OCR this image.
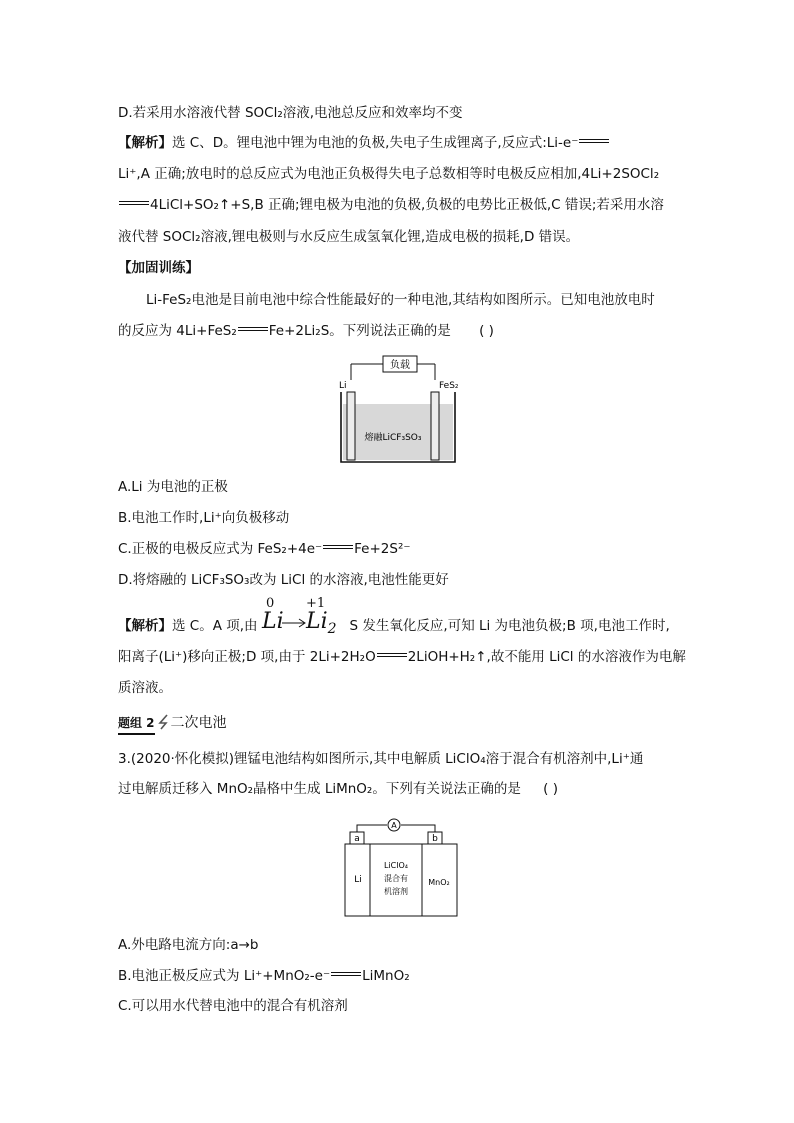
D.若采用水溶液代替 SOCl₂溶液,电池总反应和效率均不变
【解析】选 C、D。锂电池中锂为电池的负极,失电子生成锂离子,反应式:Li-e⁻
Li⁺,A 正确;放电时的总反应式为电池正负极得失电子总数相等时电极反应相加,4Li+2SOCl₂
4LiCl+SO₂↑+S,B 正确;锂电极为电池的负极,负极的电势比正极低,C 错误;若采用水溶
液代替 SOCl₂溶液,锂电极则与水反应生成氢氧化锂,造成电极的损耗,D 错误。
【加固训练】
Li-FeS₂电池是目前电池中综合性能最好的一种电池,其结构如图所示。已知电池放电时
的反应为 4Li+FeS₂ Fe+2Li₂S。下列说法正确的是 ( )
负载
Li	FeS₂
熔融LiCF₃SO₃
A.Li 为电池的正极
B.电池工作时,Li⁺向负极移动
C.正极的电极反应式为 FeS₂+4e⁻ Fe+2S²⁻
D.将熔融的 LiCF₃SO₃改为 LiCl 的水溶液,电池性能更好
0 +1
【解析】选 C。A 项,由	S 发生氧化反应,可知 Li 为电池负极;B 项,电池工作时,
Li $Li_2$
阳离子(Li⁺)移向正极;D 项,由于 2Li+2H₂O 2LiOH+H₂↑,故不能用 LiCl 的水溶液作为电解
质溶液。
题组 2 二次电池
3.(2020·怀化模拟)锂锰电池结构如图所示,其中电解质 LiClO₄溶于混合有机溶剂中,Li⁺通
过电解质迁移入 MnO₂晶格中生成 LiMnO₂。下列有关说法正确的是 ( )
A
a	b
Li
LiClO₄
混合有
机溶剂
MnO₂
A.外电路电流方向:a→b
B.电池正极反应式为 Li⁺+MnO₂-e⁻ LiMnO₂
C.可以用水代替电池中的混合有机溶剂
